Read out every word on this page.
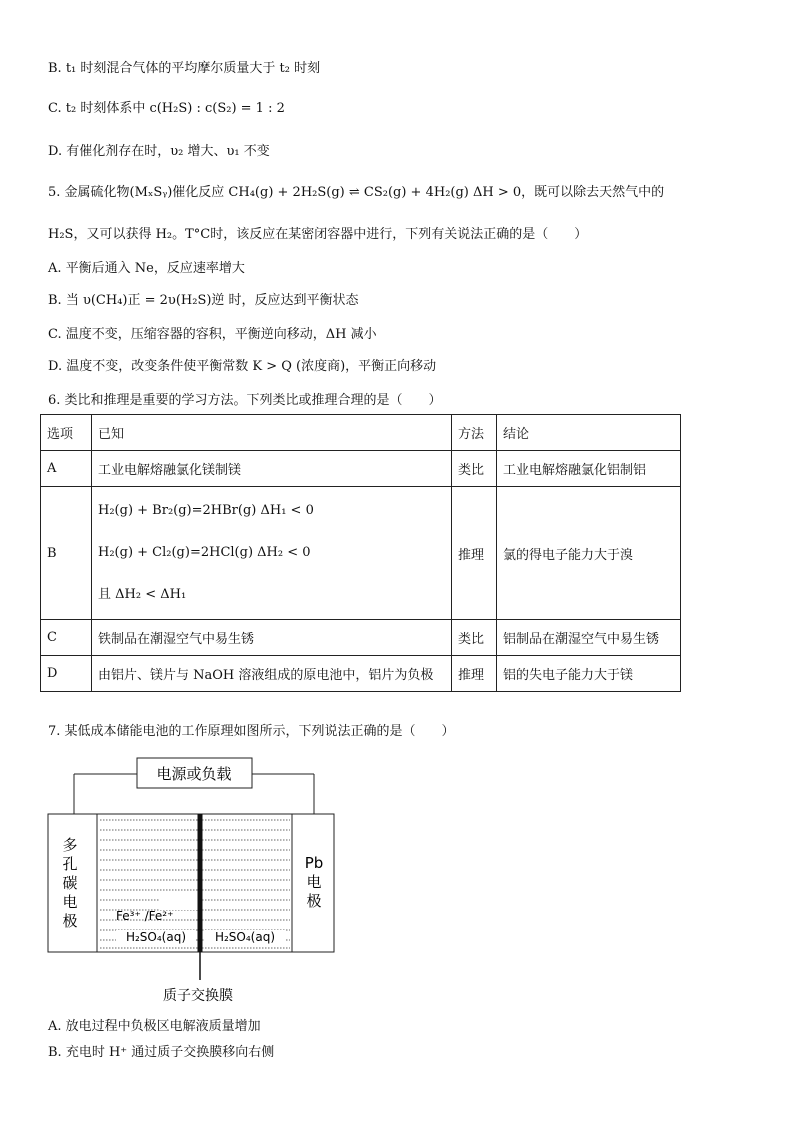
B. t₁ 时刻混合气体的平均摩尔质量大于 t₂ 时刻
C. t₂ 时刻体系中 c(H₂S) : c(S₂) = 1 : 2
D. 有催化剂存在时，υ₂ 增大、υ₁ 不变
5. 金属硫化物(MₓSᵧ)催化反应 CH₄(g) + 2H₂S(g) ⇌ CS₂(g) + 4H₂(g) ΔH > 0，既可以除去天然气中的
H₂S，又可以获得 H₂。T°C时，该反应在某密闭容器中进行，下列有关说法正确的是（　　）
A. 平衡后通入 Ne，反应速率增大
B. 当 υ(CH₄)正 = 2υ(H₂S)逆 时，反应达到平衡状态
C. 温度不变，压缩容器的容积，平衡逆向移动，ΔH 减小
D. 温度不变，改变条件使平衡常数 K > Q (浓度商)，平衡正向移动
6. 类比和推理是重要的学习方法。下列类比或推理合理的是（　　）
选项	已知	方法	结论
A	工业电解熔融氯化镁制镁	类比	工业电解熔融氯化铝制铝
B	H₂(g) + Br₂(g)=2HBr(g) ΔH₁ < 0
H₂(g) + Cl₂(g)=2HCl(g) ΔH₂ < 0
且 ΔH₂ < ΔH₁	推理	氯的得电子能力大于溴
C	铁制品在潮湿空气中易生锈	类比	铝制品在潮湿空气中易生锈
D	由铝片、镁片与 NaOH 溶液组成的原电池中，铝片为负极	推理	铝的失电子能力大于镁
7. 某低成本储能电池的工作原理如图所示，下列说法正确的是（　　）
电源或负载
多
孔
碳
电
极
Pb
电
极
Fe³⁺ /Fe²⁺
H₂SO₄(aq) H₂SO₄(aq)
质子交换膜
A. 放电过程中负极区电解液质量增加
B. 充电时 H⁺ 通过质子交换膜移向右侧
